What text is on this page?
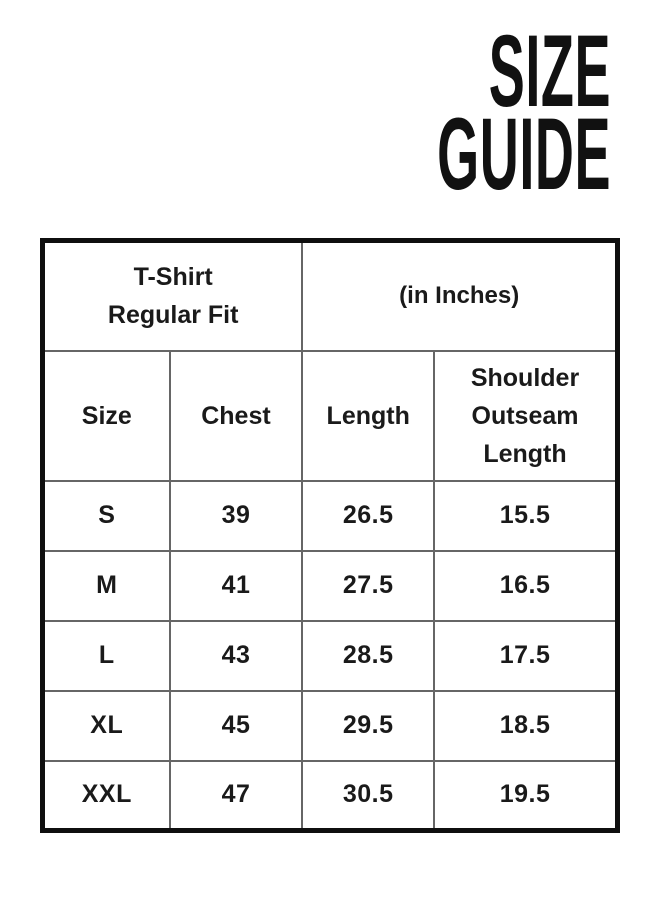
SIZE
GUIDE
T-Shirt
Regular Fit		(in Inches)	
Size	Chest	Length	Shoulder Outseam Length
S	39	26.5	15.5
M	41	27.5	16.5
L	43	28.5	17.5
XL	45	29.5	18.5
XXL	47	30.5	19.5
